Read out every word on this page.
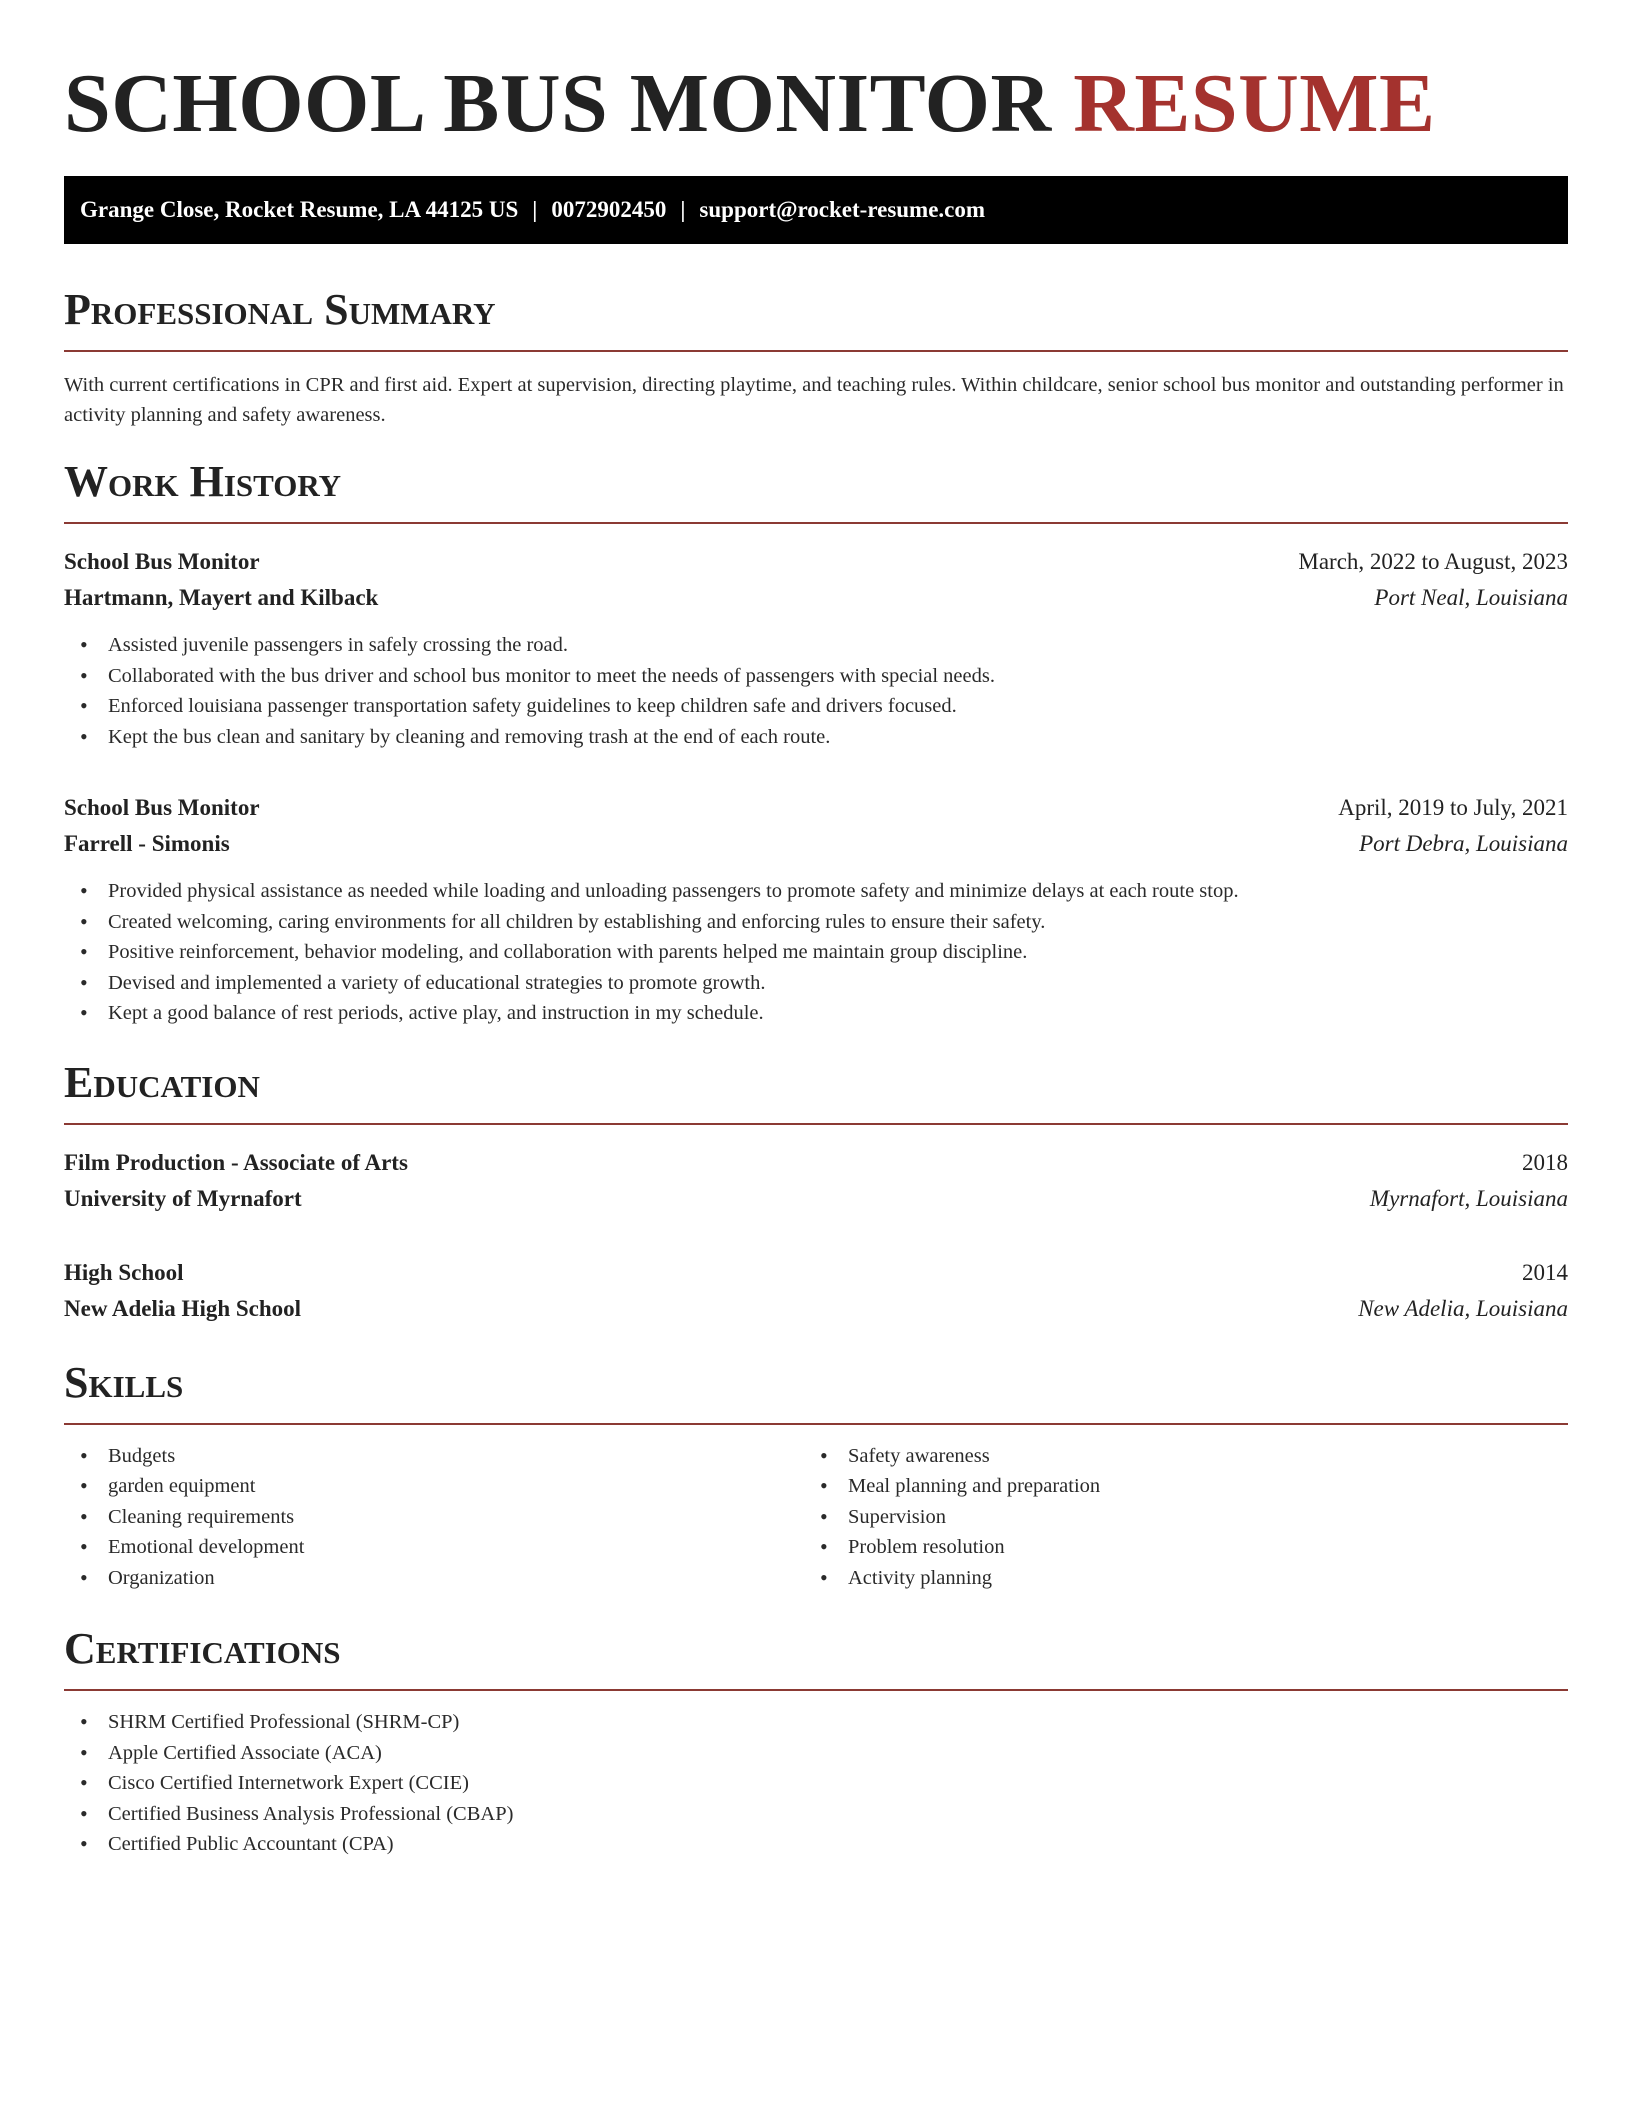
SCHOOL BUS MONITOR RESUME
Grange Close, Rocket Resume, LA 44125 US | 0072902450 | support@rocket-resume.com
Professional Summary

With current certifications in CPR and first aid. Expert at supervision, directing playtime, and teaching rules. Within childcare, senior school bus monitor and outstanding performer in activity planning and safety awareness.

Work History
School Bus Monitor	March, 2022 to August, 2023
Hartmann, Mayert and Kilback	Port Neal, Louisiana
• Assisted juvenile passengers in safely crossing the road.
• Collaborated with the bus driver and school bus monitor to meet the needs of passengers with special needs.
• Enforced louisiana passenger transportation safety guidelines to keep children safe and drivers focused.
• Kept the bus clean and sanitary by cleaning and removing trash at the end of each route.
School Bus Monitor	April, 2019 to July, 2021
Farrell - Simonis	Port Debra, Louisiana
• Provided physical assistance as needed while loading and unloading passengers to promote safety and minimize delays at each route stop.
• Created welcoming, caring environments for all children by establishing and enforcing rules to ensure their safety.
• Positive reinforcement, behavior modeling, and collaboration with parents helped me maintain group discipline.
• Devised and implemented a variety of educational strategies to promote growth.
• Kept a good balance of rest periods, active play, and instruction in my schedule.
Education
Film Production - Associate of Arts	2018
University of Myrnafort	Myrnafort, Louisiana
High School	2014
New Adelia High School	New Adelia, Louisiana
Skills
• Budgets
• garden equipment
• Cleaning requirements
• Emotional development
• Organization
• Safety awareness
• Meal planning and preparation
• Supervision
• Problem resolution
• Activity planning
Certifications
• SHRM Certified Professional (SHRM-CP)
• Apple Certified Associate (ACA)
• Cisco Certified Internetwork Expert (CCIE)
• Certified Business Analysis Professional (CBAP)
• Certified Public Accountant (CPA)
